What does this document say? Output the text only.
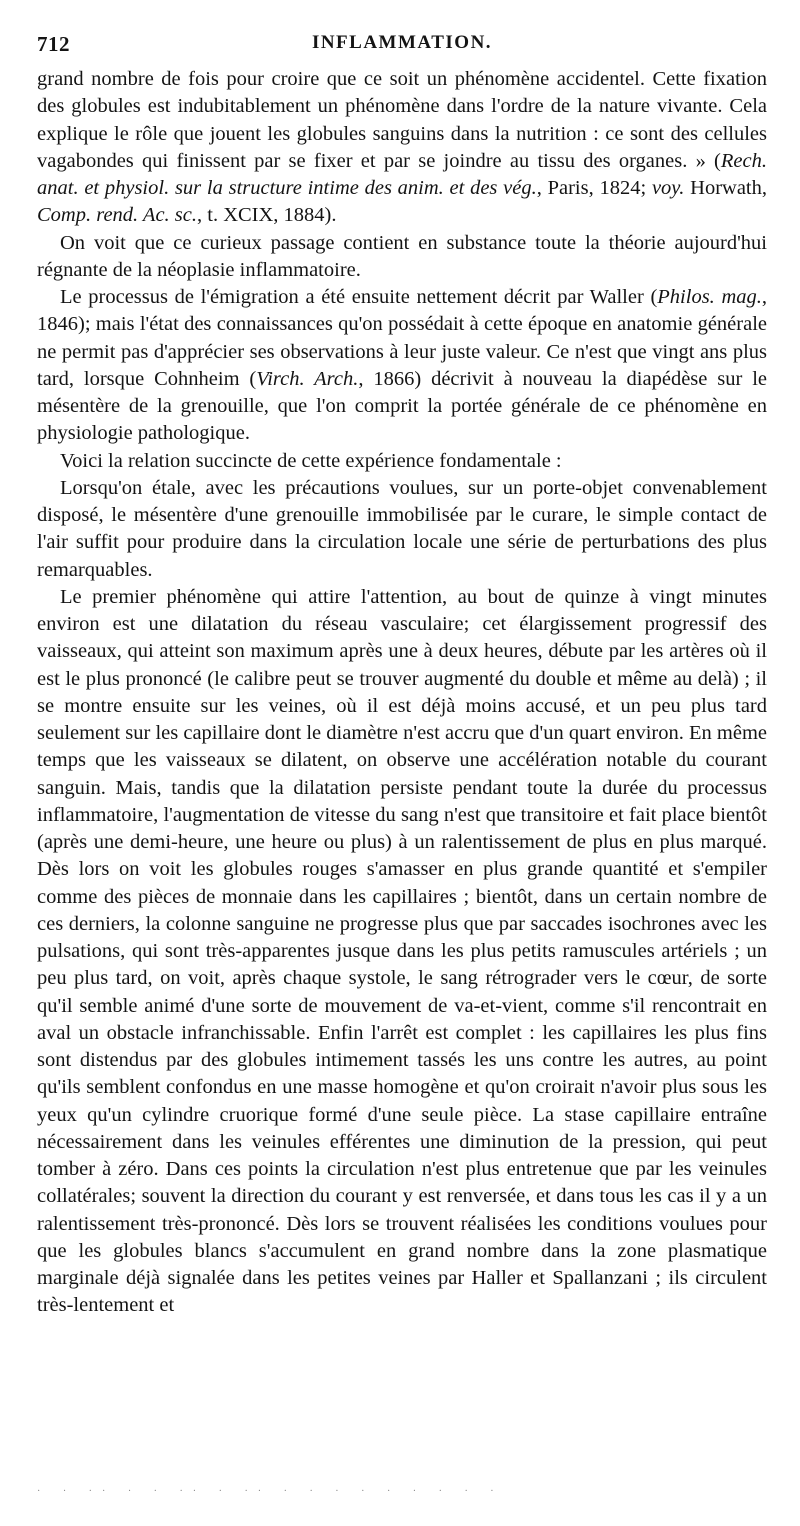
712	INFLAMMATION.

grand nombre de fois pour croire que ce soit un phénomène accidentel. Cette fixation des globules est indubitablement un phénomène dans l'ordre de la nature vivante. Cela explique le rôle que jouent les globules sanguins dans la nutrition : ce sont des cellules vagabondes qui finissent par se fixer et par se joindre au tissu des organes. » (Rech. anat. et physiol. sur la structure intime des anim. et des vég., Paris, 1824; voy. Horwath, Comp. rend. Ac. sc., t. XCIX, 1884).

On voit que ce curieux passage contient en substance toute la théorie aujourd'hui régnante de la néoplasie inflammatoire.

Le processus de l'émigration a été ensuite nettement décrit par Waller (Philos. mag., 1846); mais l'état des connaissances qu'on possédait à cette époque en anatomie générale ne permit pas d'apprécier ses observations à leur juste valeur. Ce n'est que vingt ans plus tard, lorsque Cohnheim (Virch. Arch., 1866) décrivit à nouveau la diapédèse sur le mésentère de la grenouille, que l'on comprit la portée générale de ce phénomène en physiologie pathologique.

Voici la relation succincte de cette expérience fondamentale :

Lorsqu'on étale, avec les précautions voulues, sur un porte-objet convenablement disposé, le mésentère d'une grenouille immobilisée par le curare, le simple contact de l'air suffit pour produire dans la circulation locale une série de perturbations des plus remarquables.

Le premier phénomène qui attire l'attention, au bout de quinze à vingt minutes environ est une dilatation du réseau vasculaire; cet élargissement progressif des vaisseaux, qui atteint son maximum après une à deux heures, débute par les artères où il est le plus prononcé (le calibre peut se trouver augmenté du double et même au delà) ; il se montre ensuite sur les veines, où il est déjà moins accusé, et un peu plus tard seulement sur les capillaire dont le diamètre n'est accru que d'un quart environ. En même temps que les vaisseaux se dilatent, on observe une accélération notable du courant sanguin. Mais, tandis que la dilatation persiste pendant toute la durée du processus inflammatoire, l'augmentation de vitesse du sang n'est que transitoire et fait place bientôt (après une demi-heure, une heure ou plus) à un ralentissement de plus en plus marqué. Dès lors on voit les globules rouges s'amasser en plus grande quantité et s'empiler comme des pièces de monnaie dans les capillaires ; bientôt, dans un certain nombre de ces derniers, la colonne sanguine ne progresse plus que par saccades isochrones avec les pulsations, qui sont très-apparentes jusque dans les plus petits ramuscules artériels ; un peu plus tard, on voit, après chaque systole, le sang rétrograder vers le cœur, de sorte qu'il semble animé d'une sorte de mouvement de va-et-vient, comme s'il rencontrait en aval un obstacle infranchissable. Enfin l'arrêt est complet : les capillaires les plus fins sont distendus par des globules intimement tassés les uns contre les autres, au point qu'ils semblent confondus en une masse homogène et qu'on croirait n'avoir plus sous les yeux qu'un cylindre cruorique formé d'une seule pièce. La stase capillaire entraîne nécessairement dans les veinules efférentes une diminution de la pression, qui peut tomber à zéro. Dans ces points la circulation n'est plus entretenue que par les veinules collatérales; souvent la direction du courant y est renversée, et dans tous les cas il y a un ralentissement très-prononcé. Dès lors se trouvent réalisées les conditions voulues pour que les globules blancs s'accumulent en grand nombre dans la zone plasmatique marginale déjà signalée dans les petites veines par Haller et Spallanzani ; ils circulent très-lentement et

· · ·· · · ·· · ·· · · · · · · · · ·
